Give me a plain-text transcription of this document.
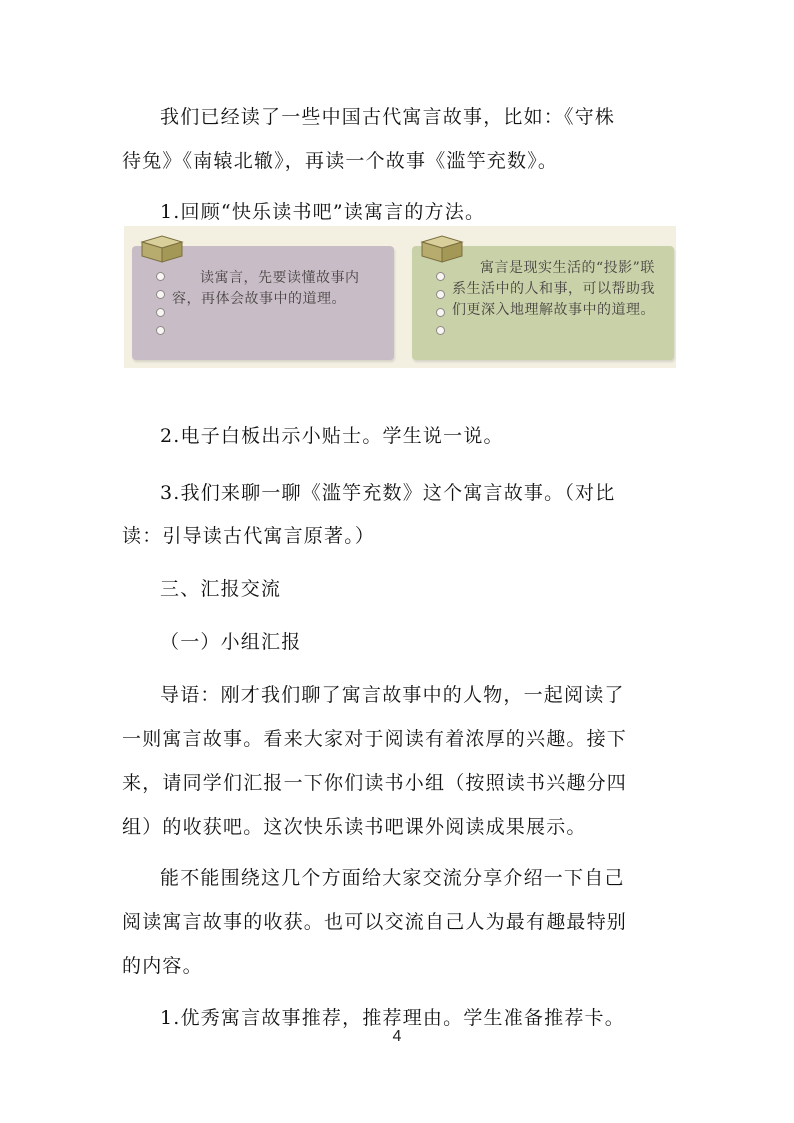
我们已经读了一些中国古代寓言故事，比如：《守株
待兔》《南辕北辙》，再读一个故事《滥竽充数》。
1.回顾“快乐读书吧”读寓言的方法。
读寓言，先要读懂故事内容，再体会故事中的道理。
寓言是现实生活的“投影”联系生活中的人和事，可以帮助我们更深入地理解故事中的道理。
2.电子白板出示小贴士。学生说一说。
3.我们来聊一聊《滥竽充数》这个寓言故事。（对比
读：引导读古代寓言原著。）
三、汇报交流
（一）小组汇报
导语：刚才我们聊了寓言故事中的人物，一起阅读了
一则寓言故事。看来大家对于阅读有着浓厚的兴趣。接下
来，请同学们汇报一下你们读书小组（按照读书兴趣分四
组）的收获吧。这次快乐读书吧课外阅读成果展示。
能不能围绕这几个方面给大家交流分享介绍一下自己
阅读寓言故事的收获。也可以交流自己人为最有趣最特别
的内容。
1.优秀寓言故事推荐，推荐理由。学生准备推荐卡。
4
